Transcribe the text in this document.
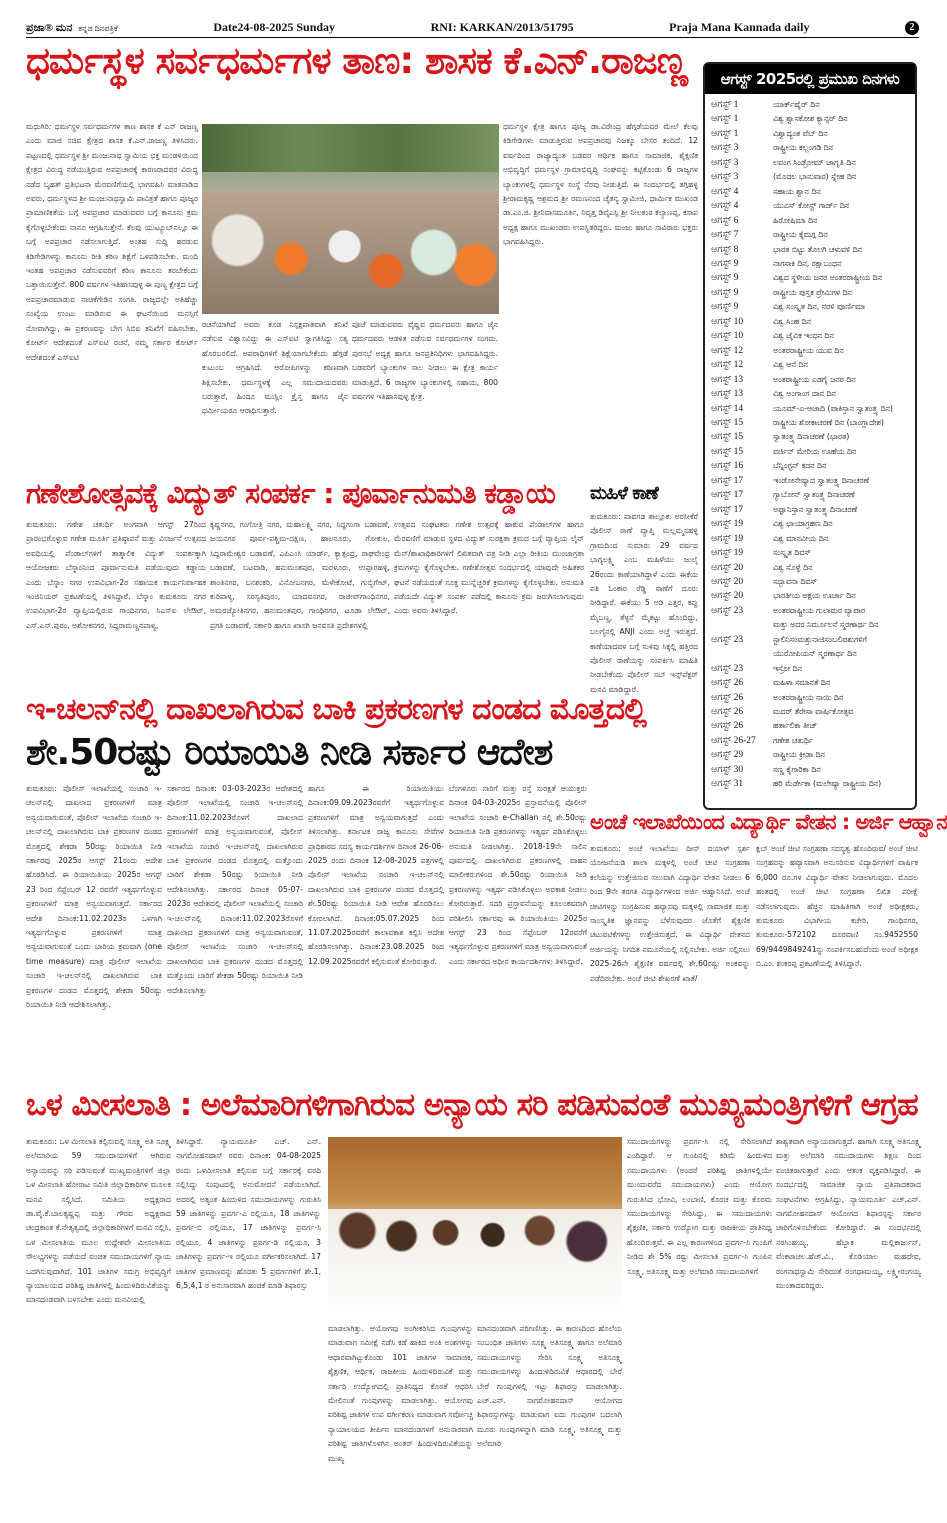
ಪ್ರಜಾ® ಮನ ಕನ್ನಡ ದಿನಪತ್ರಿಕೆ	Date24-08-2025 Sunday	RNI: KARKAN/2013/51795	Praja Mana Kannada daily	2
ಧರ್ಮಸ್ಥಳ ಸರ್ವಧರ್ಮಗಳ ತಾಣ: ಶಾಸಕ ಕೆ.ಎನ್.ರಾಜಣ್ಣ
ಮಧುಗಿರಿ: ಧರ್ಮಸ್ಥಳ ಸರ್ವಧರ್ಮಗಳ ತಾಣ ಶಾಸಕ ಕೆ ಎನ್ ರಾಜಣ್ಣ ಎಂದು ಮಾಜಿ ಸಚಿವ ಕ್ಷೇತ್ರದ ಶಾಸಕ ಕೆ.ಎನ್.ರಾಜಣ್ಣ ತಿಳಿಸಿದರು. ಪಟ್ಟಣದಲ್ಲಿ ಧರ್ಮಸ್ಥಳ ಶ್ರೀ ಮಂಜುನಾಥ ಸ್ವಾಮಿಯ ಭಕ್ತ ಮಂಡಳಿಯಿಂದ ಕ್ಷೇತ್ರದ ವಿರುದ್ಧ ನಡೆಯುತ್ತಿರುವ ಅಪಪ್ರಚಾರಕ್ಕೆ ಕಾರಣರಾದವರ ವಿರುದ್ಧ ನಡೆದ ಬೃಹತ್ ಪ್ರತಿಭಟನಾ ಮೆರವಣಿಗೆಯಲ್ಲಿ ಭಾಗವಹಿಸಿ ಮಾತನಾಡಿದ ಅವರು, ಧರ್ಮಸ್ಥಳದ ಶ್ರೀ ಮಂಜುನಾಥಸ್ವಾಮಿ ಪಾವಿತ್ರತೆ ಹಾಗೂ ಪೂಜ್ಯರ ಪ್ರಾಮಾಣಿಕತೆಯ ಬಗ್ಗೆ ಅಪಪ್ರಚಾರ ಮಾಡುವವರ ಬಗ್ಗೆ ಕಾನೂನು ಕ್ರಮ ಕೈಗೊಳ್ಳಬೇಕೆಂದು ನಾನೂ ಆಗ್ರಹಿಸುತ್ತೇನೆ. ಕೆಲವು ಯುಟ್ಯೂಬ್‌ನಲ್ಲೂ ಈ ಬಗ್ಗೆ ಅಪಪ್ರಚಾರ ನಡೆಸಲಾಗುತ್ತಿದೆ. ಅಂತಹ ಸುದ್ದಿ ಹರಡುವ ಕಿಡಿಗೇಡಿಗಳನ್ನು ಕಾನೂನು ರೀತಿ ಕಠಿಣ ಶಿಕ್ಷೆಗೆ ಒಳಪಡಿಸಬೇಕು. ಮಂದಿ ಇಂತಹ ಅಪಪ್ರಚಾರ ನಡೆಸುವವರಿಗೆ ಕಠಿಣ ಕಾನೂನು ತರಬೇಕೆಂದು ಒತ್ತಾಯಿಸುತ್ತೇನೆ. 800 ವರ್ಷಗಳ ಇತಿಹಾಸವುಳ್ಳ ಈ ಪುಣ್ಯ ಕ್ಷೇತ್ರದ ಬಗ್ಗೆ ಅಪಪ್ರಚಾರಮಾಡುವ ನಾಚಿಕೆಗೇಡಿನ ಸಂಗತಿ. ರಾಜ್ಯದಲ್ಲೇ ಅತಿಹೆಚ್ಚು ಸಂಖ್ಯೆಯ ಉಂಟು ಮಾಡಿರುವ ಈ ಘಟನೆಯಿಂದ ಮನಸ್ಸಿಗೆ ನೋವಾಗಿದ್ದು, ಈ ಪ್ರಕರಣವನ್ನು ಬೇಗ ಸಿಬಿಐ ತನಿಖೆಗೆ ವಹಿಸಬೇಕು. ಕೋರ್ಟ್ ಆದೇಶದಂತೆ ಎಸ್‌ಐಟಿ ರಚನೆ, ನಮ್ಮ ಸರ್ಕಾರ ಕೋರ್ಟ್ ಆದೇಶದಂತೆ ಎಸ್‌ಐಟಿ
ರಚನೆಯಾಗಿದೆ ಅವರು ಕೂಡ ನಿಸ್ಪಕ್ಷಪಾತವಾಗಿ ತನಿಖೆ ನಡೆಸುವ ವಿಶ್ವಾಸವಿದ್ದು ಈ ಎಸ್‌ಐಟಿ ಸ್ವಾಗತಿಸಿದ್ದು ಸತ್ಯ ಹೊರಬರಲಿದೆ. ಅಪರಾಧಿಗಳಿಗೆ ಶಿಕ್ಷೆಯಾಗಬೇಕೆಂದು ಹೆಗ್ಗಡೆ ಕುಟುಂಬ ಆಗ್ರಹಿಸಿದೆ. ಆರೋಪಿಗಳನ್ನು ಕಠಿಣವಾಗಿ ಶಿಕ್ಷಿಸಬೇಕು. ಧರ್ಮಸ್ಥಳಕ್ಕೆ ಎಲ್ಲ ಸಮುದಾಯದವರು ಬರುತ್ತಾರೆ, ಹಿಂದೂ ಮುಸ್ಲಿಂ ಕ್ರೈಸ್ತ ಹಾಗೂ ಜೈನ ಧರ್ಮೀಯರೂ ಆರಾಧಿಸುತ್ತಾರೆ.
ಪೂಜೆ ಮಾಡುವವರು ವೈಷ್ಣವ ಧರ್ಮದವರು ಹಾಗೂ ಜೈನ ಧರ್ಮದವರು ಆಡಳಿತ ನಡೆಸುವ ಸರ್ವಧರ್ಮಗಳ ಸಂಗಮ. ಪುರಸಭೆ ಅಧ್ಯಕ್ಷ ಹಾಗೂ ಜನಪ್ರತಿನಿಧಿಗಳು ಭಾಗವಹಿಸಿದ್ದರು. ಬಡವರಿಗೆ ಬ್ಯಾಂಕುಗಳ ಸಾಲ ನೀಡಲು ಈ ಕ್ಷೇತ್ರ ಕಾರ್ಯ ಮಾಡುತ್ತಿದೆ. 6 ರಾಜ್ಯಗಳ ಬ್ಯಾಂಕುಗಳಲ್ಲಿ ಸಹಾಯ, 800 ವರ್ಷಗಳ ಇತಿಹಾಸವುಳ್ಳ ಕ್ಷೇತ್ರ.
ಧರ್ಮಸ್ಥಳ ಕ್ಷೇತ್ರ ಹಾಗೂ ಪೂಜ್ಯ ಡಾ.ವಿರೇಂದ್ರ ಹೆಗ್ಗಡೆಯವರ ಮೇಲೆ ಕೆಲವು ಕಿಡಿಗೇಡಿಗಳು ಮಾಡುತ್ತಿರುವ ಅಪಪ್ರಚಾರವು ನಿಜಕ್ಕೂ ಬೇಸರ ತಂದಿದೆ. 12 ವರ್ಷದಿಂದ ರಾಜ್ಯಾದ್ಯಂತ ಬಡವರ ಆರ್ಥಿಕ ಹಾಗೂ ಸಾಮಾಜಿಕ, ಶೈಕ್ಷಣಿಕ ಅಭಿವೃದ್ಧಿಗೆ ಧರ್ಮಸ್ಥಳ ಗ್ರಾಮಾಭಿವೃದ್ಧಿ ಸಂಘವನ್ನು ಕಟ್ಟಿಕೊಂಡು 6 ರಾಜ್ಯಗಳ ಬ್ಯಾಂಕುಗಳಲ್ಲಿ ಧರ್ಮಸ್ಥಳ ಸಂಸ್ಥೆ ನೆರವು ನೀಡುತ್ತಿದೆ. ಈ ಸಂದರ್ಭದಲ್ಲಿ ತಗ್ಗಿಹಳ್ಳಿ ಶ್ರೀರಾಮಕೃಷ್ಣ ಆಶ್ರಮದ ಶ್ರೀ ರಮಣನಂದ ಚೈತನ್ಯ ಸ್ವಾಮೀಜಿ, ಧಾರ್ಮಿಕ ಮುಖಂಡ ಡಾ.ಎಂ.ಜಿ. ಶ್ರೀನಿವಾಸಮೂರ್ತಿ, ನಿವೃತ್ತ ಡಿವೈಎಸ್ಪಿ ಶ್ರೀ ನೀಲಕಂಠ ಕಲ್ಯಾಣಪ್ಪ, ಕಸಾಪ ಅಧ್ಯಕ್ಷ ಹಾಗೂ ಮುಖಂಡರು ಉಪಸ್ಥಿತರಿದ್ದರು. ಮಂಜು ಹಾಗೂ ಸಾವಿರಾರು ಭಕ್ತರು ಭಾಗವಹಿಸಿದ್ದರು.
ಆಗಸ್ಟ್ 2025ರಲ್ಲಿ ಪ್ರಮುಖ ದಿನಗಳು
ಆಗಸ್ಟ್ 1	ಯಾರ್ಕ್‌ಷೈರ್ ದಿನ
ಆಗಸ್ಟ್ 1	ವಿಶ್ವ ಶ್ವಾಸಕೋಶ ಕ್ಯಾನ್ಸರ್ ದಿನ
ಆಗಸ್ಟ್ 1	ವಿಶ್ವಾದ್ಯಂತ ವೆಬ್ ದಿನ
ಆಗಸ್ಟ್ 3	ರಾಷ್ಟ್ರೀಯ ಕಲ್ಲಂಗಡಿ ದಿನ
ಆಗಸ್ಟ್ 3	ಲವಂಗ ಸಿಂಡ್ರೋಮ್ ಜಾಗೃತಿ ದಿನ
ಆಗಸ್ಟ್ 3	(ಮೊದಲ ಭಾನುವಾರ) ಸ್ನೇಹ ದಿನ
ಆಗಸ್ಟ್ 4	ಸಹಾಯ ಶ್ವಾನ ದಿನ
ಆಗಸ್ಟ್ 4	ಯುಎಸ್ ಕೋಸ್ಟ್ ಗಾರ್ಡ್ ದಿನ
ಆಗಸ್ಟ್ 6	ಹಿರೋಷಿಮಾ ದಿನ
ಆಗಸ್ಟ್ 7	ರಾಷ್ಟ್ರೀಯ ಕೈಮಗ್ಗ ದಿನ
ಆಗಸ್ಟ್ 8	ಭಾರತ ಬಿಟ್ಟು ತೊಲಗಿ ಚಳುವಳಿ ದಿನ
ಆಗಸ್ಟ್ 9	ನಾಗಸಾಕಿ ದಿನ, ರಕ್ಷಾಬಂಧನ
ಆಗಸ್ಟ್ 9	ವಿಶ್ವದ ಸ್ಥಳೀಯ ಜನರ ಅಂತರರಾಷ್ಟ್ರೀಯ ದಿನ
ಆಗಸ್ಟ್ 9	ರಾಷ್ಟ್ರೀಯ ಪುಸ್ತಕ ಪ್ರೇಮಿಗಳ ದಿನ
ಆಗಸ್ಟ್ 9	ವಿಶ್ವ ಸಂಸ್ಕೃತ ದಿನ, ನರಳಿ ಪೂರ್ಣಿಮಾ
ಆಗಸ್ಟ್ 10	ವಿಶ್ವ ಸಿಂಹ ದಿನ
ಆಗಸ್ಟ್ 10	ವಿಶ್ವ ಜೈವಿಕ ಇಂಧನ ದಿನ
ಆಗಸ್ಟ್ 12	ಅಂತರರಾಷ್ಟ್ರೀಯ ಯುವ ದಿನ
ಆಗಸ್ಟ್ 12	ವಿಶ್ವ ಆನೆ ದಿನ
ಆಗಸ್ಟ್ 13	ಅಂತರಾಷ್ಟ್ರೀಯ ಎಡಗೈ ಜನರ ದಿನ
ಆಗಸ್ಟ್ 13	ವಿಶ್ವ ಅಂಗಾಂಗ ದಾನ ದಿನ
ಆಗಸ್ಟ್ 14	ಯೂಮ್-ಎ-ಆಜಾದಿ (ಪಾಕಿಸ್ತಾನ ಸ್ವಾತಂತ್ರ್ಯ ದಿನ)
ಆಗಸ್ಟ್ 15	ರಾಷ್ಟ್ರೀಯ ಶೋಕಾಚರಣೆ ದಿನ (ಬಾಂಗ್ಲಾದೇಶ)
ಆಗಸ್ಟ್ 15	ಸ್ವಾತಂತ್ರ್ಯ ದಿನಾಚರಣೆ (ಭಾರತ)
ಆಗಸ್ಟ್ 15	ವರ್ಜಿನ್ ಮೇರಿಯ ಊಹೆಯ ದಿನ
ಆಗಸ್ಟ್ 16	ಬೆನ್ನಿಂಗ್ಟನ್ ಕದನ ದಿನ
ಆಗಸ್ಟ್ 17	ಇಂಡೋನೇಷ್ಯಾದ ಸ್ವಾತಂತ್ರ್ಯ ದಿನಾಚರಣೆ
ಆಗಸ್ಟ್ 17	ಗ್ಯಾಬೋನ್ ಸ್ವಾತಂತ್ರ್ಯ ದಿನಾಚರಣೆ
ಆಗಸ್ಟ್ 17	ಅಫ್ಘಾನಿಸ್ತಾನ ಸ್ವಾತಂತ್ರ್ಯ ದಿನಾಚರಣೆ
ಆಗಸ್ಟ್ 19	ವಿಶ್ವ ಛಾಯಾಗ್ರಹಣ ದಿನ
ಆಗಸ್ಟ್ 19	ವಿಶ್ವ ಮಾನವೀಯ ದಿನ
ಆಗಸ್ಟ್ 19	ಸಂಸ್ಕೃತ ದಿವಸ್
ಆಗಸ್ಟ್ 20	ವಿಶ್ವ ಸೊಳ್ಳೆ ದಿನ
ಆಗಸ್ಟ್ 20	ಸದ್ಭಾವನಾ ದಿವಸ್
ಆಗಸ್ಟ್ 20	ಭಾರತೀಯ ಅಕ್ಷಯ ಊರ್ಜಾ ದಿನ
ಆಗಸ್ಟ್ 23	ಅಂತರರಾಷ್ಟ್ರೀಯ ಗುಲಾಮರ ವ್ಯಾಪಾರ
ಮತ್ತು ಅದರ ನಿರ್ಮೂಲನೆ ಸ್ಮರಣಾರ್ಥ ದಿನ
ಆಗಸ್ಟ್ 23	ಸ್ಟಾಲಿನಿಸಂಮತ್ತುನಾಜಿಸಂಬಲಿಪಶುಗಳಿಗೆ
ಯುರೋಪಿಯನ್ ಸ್ಮರಣಾರ್ಥ ದಿನ
ಆಗಸ್ಟ್ 23	ಇಸ್ರೋ ದಿನ
ಆಗಸ್ಟ್ 26	ಮಹಿಳಾ ಸಮಾನತೆ ದಿನ
ಆಗಸ್ಟ್ 26	ಅಂತರರಾಷ್ಟ್ರೀಯ ನಾಯಿ ದಿನ
ಆಗಸ್ಟ್ 26	ಮದರ್ ತೆರೇಸಾ ವಾರ್ಷಿಕೋತ್ಸವ
ಆಗಸ್ಟ್ 26	ಹರ್ತಾಲಿಕಾ ತೀಜ್
ಆಗಸ್ಟ್ 26-27	ಗಣೇಶ ಚತುರ್ಥಿ
ಆಗಸ್ಟ್ 29	ರಾಷ್ಟ್ರೀಯ ಕ್ರೀಡಾ ದಿನ
ಆಗಸ್ಟ್ 30	ಸಣ್ಣ ಕೈಗಾರಿಕಾ ದಿನ
ಆಗಸ್ಟ್ 31	ಹರಿ ಮೆರ್ಡೇಕಾ (ಮಲೇಷ್ಯಾ ರಾಷ್ಟ್ರೀಯ ದಿನ)
ಗಣೇಶೋತ್ಸವಕ್ಕೆ ವಿದ್ಯುತ್ ಸಂಪರ್ಕ : ಪೂರ್ವಾನುಮತಿ ಕಡ್ಡಾಯ
ತುಮಕೂರು: ಗಣೇಶ ಚತುರ್ಥಿ ಅಂಗವಾಗಿ ಆಗಸ್ಟ್ 27ರಿಂದ ಪ್ರಾರಂಭಗೊಳ್ಳುವ ಗಣೇಶ ಮೂರ್ತಿ ಪ್ರತಿಷ್ಠಾಪನೆ ಮತ್ತು ವಿಸರ್ಜನೆ ಉತ್ಸವದ ಅವಧಿಯಲ್ಲಿ ಪೆಂಡಾಲ್‌ಗಳಿಗೆ ತಾತ್ಕಾಲಿಕ ವಿದ್ಯುತ್ ಸಂಪರ್ಕಕ್ಕಾಗಿ ಆಯೋಜಕರು ಬೆಸ್ಕಾಂನಿಂದ ಪೂರ್ವಾನುಮತಿ ಪಡೆಯುವುದು ಕಡ್ಡಾಯ ಎಂದು ಬೆಸ್ಕಾಂ ನಗರ ಉಪವಿಭಾಗ-2ರ ಸಹಾಯಕ ಕಾರ್ಯನಿರ್ವಾಹಕ ಇಂಜಿನಿಯರ್ ಪ್ರಕಟಣೆಯಲ್ಲಿ ತಿಳಿಸಿದ್ದಾರೆ. ಬೆಸ್ಕಾಂ ತುಮಕೂರು ನಗರ ಉಪವಿಭಾಗ-2ರ ವ್ಯಾಪ್ತಿಯಲ್ಲಿರುವ ಗಾಂಧಿನಗರ, ಸಿಎಸ್‌ಐ ಲೇಔಟ್, ಎಸ್.ಎಸ್.ಪುರಂ, ಅಶೋಕನಗರ, ಸಿದ್ದರಾಮಣ್ಣನಪಾಳ್ಯ,
ಕೃಷ್ಣನಗರ, ಗಂಗೋತ್ರಿ ನಗರ, ಮಹಾಲಕ್ಷ್ಮಿ ನಗರ, ಸಿದ್ದಗಂಗಾ ಬಡಾವಣೆ, ಜಯನಗರ ಪೂರ್ವ-ಪಶ್ಚಿಮ-ದಕ್ಷಿಣ, ಹಾಲನೂರು, ಗೋಕುಲ, ಸಿದ್ದರಾಮೇಶ್ವರ ಬಡಾವಣೆ, ಎಪಿಎಂಸಿ ಯಾರ್ಡ್, ಕ್ಯಾತ್ಸಂದ್ರ, ರಾಘವೇಂದ್ರ ಬಡಾವಣೆ, ಬಟವಾಡಿ, ಹನುಮಂತಪುರ, ಮರಳೂರು, ಉಪ್ಪಾರಹಳ್ಳಿ, ಶಾಂತಿನಗರ, ಬನಶಂಕರಿ, ವಿನೋಬನಗರ, ಮೆಳೇಕೋಟೆ, ಗುಬ್ಬಿಗೇಟ್, ಕುರಿಪಾಳ್ಯ, ಸರಸ್ವತಿಪುರಂ, ಯಾದವನಗರ, ರಾಜೀವ್‌ಗಾಂಧಿನಗರ, ಅಮರಜ್ಯೋತಿನಗರ, ಹನುಮಂತಪುರ, ಗಾಂಧಿನಗರ, ಟೂಡಾ ಲೇಔಟ್, ಪ್ರಗತಿ ಬಡಾವಣೆ, ಸರ್ಕಾರಿ ಹಾಗೂ ಖಾಸಗಿ ಜನವಸತಿ ಪ್ರದೇಶಗಳಲ್ಲಿ
ಉತ್ಸವದ ಸಂಘಟಕರು ಗಣೇಶ ಉತ್ಸವಕ್ಕೆ ಹಾಕುವ ಪೆಂಡಾಲ್‌ಗಳ ಹಾಗೂ ಮೆರವಣಿಗೆ ಮಾಡುವ ಸ್ಥಳದ ವಿದ್ಯುತ್ ಸುರಕ್ಷತಾ ಕ್ರಮದ ಬಗ್ಗೆ ವ್ಯಾಪ್ತಿಯ ಲೈನ್ ಮೆನ್/ಶಾಖಾಧಿಕಾರಿಗಳಿಗೆ ಲಿಖಿತವಾಗಿ ಪತ್ರ ನೀಡಿ ಎಲ್ಲಾ ರೀತಿಯ ಮುಂಜಾಗ್ರತಾ ಕ್ರಮಗಳನ್ನು ಕೈಗೊಳ್ಳಬೇಕು. ಗಣೇಶೋತ್ಸವ ಸಂದರ್ಭದಲ್ಲಿ ಯಾವುದೇ ಅಹಿತಕರ ಘಟನೆ ನಡೆಯದಂತೆ ಸೂಕ್ತ ಮುನ್ನೆಚ್ಚರಿಕೆ ಕ್ರಮಗಳನ್ನು ಕೈಗೊಳ್ಳಬೇಕು. ಅನುಮತಿ ಪಡೆಯದೇ ವಿದ್ಯುತ್ ಸಂಪರ್ಕ ಪಡೆದಲ್ಲಿ ಕಾನೂನು ಕ್ರಮ ಜರುಗಿಸಲಾಗುವುದು ಎಂದು ಅವರು ತಿಳಿಸಿದ್ದಾರೆ.
ಮಹಿಳೆ ಕಾಣೆ
ತುಮಕೂರು: ಪಾವಗಡ ತಾಲ್ಲೂಕು ಅರಸೀಕೆರೆ ಪೊಲೀಸ್ ಠಾಣೆ ವ್ಯಾಪ್ತಿ ಮಲ್ಲಮ್ಮನಹಳ್ಳಿ ಗ್ರಾಮದಿಂದ ಸುಮಾರು 29 ವರ್ಷದ ಭಾಗ್ಯಲಕ್ಷ್ಮಿ ಎಂಬ ಮಹಿಳೆಯು ಜುಲೈ 26ರಂದು ಕಾಣೆಯಾಗಿದ್ದಾಳೆ ಎಂದು ಈಕೆಯ ಪತಿ ಓಂಕಾರ ರೆಡ್ಡಿ ಠಾಣೆಗೆ ದೂರು ನೀಡಿದ್ದಾರೆ. ಈಕೆಯು 5 ಅಡಿ ಎತ್ತರ, ಕಪ್ಪು ಮೈಬಣ್ಣ, ತೆಳ್ಳನೆ ಮೈಕಟ್ಟು ಹೊಂದಿದ್ದು, ಬಲಗೈನಲ್ಲಿ ANJI ಎಂದು ಅಚ್ಚೆ ಇರುತ್ತದೆ. ಕಾಣೆಯಾದವಳ ಬಗ್ಗೆ ಸುಳಿವು ಸಿಕ್ಕಲ್ಲಿ ಹತ್ತಿರದ ಪೊಲೀಸ್ ಠಾಣೆಯನ್ನು ಸಂಪರ್ಕಿಸಿ ಮಾಹಿತಿ ನೀಡಬೇಕೆಂದು ಪೊಲೀಸ್ ಸಬ್ ಇನ್ಸ್‌ಪೆಕ್ಟರ್ ಮನವಿ ಮಾಡಿದ್ದಾರೆ.
ಇ-ಚಲನ್‌ನಲ್ಲಿ ದಾಖಲಾಗಿರುವ ಬಾಕಿ ಪ್ರಕರಣಗಳ ದಂಡದ ಮೊತ್ತದಲ್ಲಿ
ಶೇ.50ರಷ್ಟು ರಿಯಾಯಿತಿ ನೀಡಿ ಸರ್ಕಾರ ಆದೇಶ
ತುಮಕೂರು: ಪೊಲೀಸ್ ಇಲಾಖೆಯಲ್ಲಿ ಸಂಚಾರಿ ಇ-ಚಲನ್‌ನಲ್ಲಿ ದಾಖಲಾದ ಪ್ರಕರಣಗಳಿಗೆ ಮಾತ್ರ ಅನ್ವಯವಾಗುವಂತೆ, ಪೊಲೀಸ್ ಇಲಾಖೆಯ ಸಂಚಾರಿ ಇ-ಚಲನ್‌ನಲ್ಲಿ ದಾಖಲಾಗಿರುವ ಬಾಕಿ ಪ್ರಕರಣಗಳ ದಂಡದ ಮೊತ್ತದಲ್ಲಿ ಶೇಕಡಾ 50ರಷ್ಟು ರಿಯಾಯಿತಿ ನೀಡಿ ಸರ್ಕಾರವು 2025ರ ಆಗಸ್ಟ್ 21ರಂದು ಆದೇಶ ಹೊರಡಿಸಿದೆ. ಈ ರಿಯಾಯಿತಿಯು 2025ರ ಆಗಸ್ಟ್ 23 ರಿಂದ ಸೆಪ್ಟೆಂಬರ್ 12 ರವರೆಗೆ ಇತ್ಯರ್ಥಗೊಳ್ಳುವ ಪ್ರಕರಣಗಳಿಗೆ ಮಾತ್ರ ಅನ್ವಯವಾಗುತ್ತದೆ. ಸರ್ಕಾರದ ಆದೇಶ ದಿನಾಂಕ:11.02.2023ರ ಒಳಗಾಗಿ ಇತ್ಯರ್ಥಗೊಳ್ಳುವ ಪ್ರಕರಣಗಳಿಗೆ ಮಾತ್ರ ಅನ್ವಯವಾಗುವಂತೆ ಒಂದು ಬಾರಿಯ ಕ್ರಮವಾಗಿ (one time measure) ಮಾತ್ರ ಪೊಲೀಸ್ ಇಲಾಖೆಯ ಸಂಚಾರಿ ಇ-ಚಲನ್‌ನಲ್ಲಿ ದಾಖಲಾಗಿರುವ ಬಾಕಿ ಪ್ರಕರಣಗಳ ದಂಡದ ಮೊತ್ತದಲ್ಲಿ ಶೇಕಡಾ 50ರಷ್ಟು ರಿಯಾಯಿತಿ ನೀಡಿ ಆದೇಶಿಸಲಾಗಿತ್ತು.
ಸರ್ಕಾರದ ದಿನಾಂಕ: 03-03-2023ರ ಆದೇಶದಲ್ಲಿ ಪೊಲೀಸ್ ಇಲಾಖೆಯಲ್ಲಿ ಸಂಚಾರಿ ಇ-ಚಲನ್‌ನಲ್ಲಿ ದಿನಾಂಕ:11.02.2023ರೊಳಗೆ ದಾಖಲಾದ ಪ್ರಕರಣಗಳಿಗೆ ಮಾತ್ರ ಅನ್ವಯವಾಗುವಂತೆ, ಪೊಲೀಸ್ ಇಲಾಖೆಯ ಸಂಚಾರಿ ಇ-ಚಲನ್‌ನಲ್ಲಿ ದಾಖಲಾಗಿರುವ ಬಾಕಿ ಪ್ರಕರಣಗಳ ದಂಡದ ಮೊತ್ತದಲ್ಲಿ ಮತ್ತೊಂದು ಬಾರಿಗೆ ಶೇಕಡಾ 50ರಷ್ಟು ರಿಯಾಯಿತಿ ನೀಡಿ ಆದೇಶಿಸಲಾಗಿತ್ತು. ಸರ್ಕಾರದ ದಿನಾಂಕ 05-07-2023ರ ಆದೇಶದಲ್ಲಿ ಪೊಲೀಸ್ ಇಲಾಖೆಯಲ್ಲಿ ಸಂಚಾರಿ ಇ-ಚಲನ್‌ನಲ್ಲಿ ದಿನಾಂಕ:11.02.2023ರೊಳಗೆ ದಾಖಲಾದ ಪ್ರಕರಣಗಳಿಗೆ ಮಾತ್ರ ಅನ್ವಯವಾಗುವಂತೆ, ಪೊಲೀಸ್ ಇಲಾಖೆಯ ಸಂಚಾರಿ ಇ-ಚಲನ್‌ನಲ್ಲಿ ದಾಖಲಾಗಿರುವ ಬಾಕಿ ಪ್ರಕರಣಗಳ ದಂಡದ ಮೊತ್ತದಲ್ಲಿ ಮತ್ತೊಂದು ಬಾರಿಗೆ ಶೇಕಡಾ 50ರಷ್ಟು ರಿಯಾಯಿತಿ ನೀಡಿ ಆದೇಶಿಸಲಾಗಿತ್ತು
ಹಾಗೂ ಈ ರಿಯಾಯಿತಿಯು ದಿನಾಂಕ:09.09.2023ರವರೆಗೆ ಇತ್ಯರ್ಥಗೊಳ್ಳುವ ಪ್ರಕರಣಗಳಿಗೆ ಮಾತ್ರ ಅನ್ವಯವಾಗುತ್ತದೆ ಎಂದು ತಿಳಿಸಲಾಗಿತ್ತು. ಕರ್ನಾಟಕ ರಾಜ್ಯ ಕಾನೂನು ಸೇವೆಗಳ ಪ್ರಾಧಿಕಾರದ ಸದಸ್ಯ ಕಾರ್ಯದರ್ಶಿಗಳ ದಿನಾಂಕ 26-06-2025 ರಂದು ದಿನಾಂಕ 12-08-2025 ಪತ್ರಗಳಲ್ಲಿ ಪೊಲೀಸ್ ಇಲಾಖೆಯ ಸಂಚಾರಿ ಇ-ಚಲನ್‌ನಲ್ಲಿ ದಾಖಲಾಗಿರುವ ಬಾಕಿ ಪ್ರಕರಣಗಳ ದಂಡದ ಮೊತ್ತದಲ್ಲಿ ಶೇ.50ರಷ್ಟು ರಿಯಾಯಿತಿ ನೀಡಿ ಆದೇಶ ಹೊರಡಿಸಲು ಕೋರಲಾಗಿದೆ. ದಿನಾಂಕ:05.07.2025 ರಿಂದ 11.07.2025ರವರೆಗೆ ಕಾಲಾವಕಾಶ ಕಲ್ಪಿಸಿ ಆದೇಶ ಹೊರಡಿಸಲಾಗಿತ್ತು. ದಿನಾಂಕ:23.08.2025 ರಿಂದ 12.09.2025ರವರೆಗೆ ಕಲ್ಪಿಸುವಂತೆ ಕೋರಿರುತ್ತಾರೆ.
ಬೆಂಗಳೂರು ಸಾರಿಗೆ ಮತ್ತು ರಸ್ತೆ ಸುರಕ್ಷತೆ ಆಯುಕ್ತರು ದಿನಾಂಕ 04-03-2025ರ ಪ್ರಸ್ತಾವನೆಯಲ್ಲಿ ಪೊಲೀಸ್ ಇಲಾಖೆಯ ಸಂಚಾರಿ e-Challan ನಲ್ಲಿ ಶೇ.50ರಷ್ಟು ರಿಯಾಯಿತಿ ನೀಡಿ ಪ್ರಕರಣಗಳನ್ನು ಇತ್ಯರ್ಥ ಪಡಿಸಿಕೊಳ್ಳಲು ಅನುಮತಿ ನೀಡಲಾಗಿತ್ತು. 2018-19ನೇ ಸಾಲಿನ ಪೂರ್ವದಲ್ಲಿ ದಾಖಲಾಗಿರುವ ಪ್ರಕರಣಗಳಲ್ಲಿ ವಾಹನ ಮಾಲೀಕರುಗಳಿಂದ ಶೇ.50ರಷ್ಟು ರಿಯಾಯಿತಿ ನೀಡಿ ಪ್ರಕರಣಗಳನ್ನು ಇತ್ಯರ್ಥ ಪಡಿಸಿಕೊಳ್ಳಲು ಅವಕಾಶ ನೀಡಲು ಕೋರಿರುತ್ತಾರೆ. ಸದರಿ ಪ್ರಸ್ತಾವನೆಯನ್ನು ಕೂಲಂಕಷವಾಗಿ ಪರಿಶೀಲಿಸಿ ಸರ್ಕಾರವು ಈ ರಿಯಾಯಿತಿಯು 2025ರ ಆಗಸ್ಟ್ 23 ರಿಂದ ಸೆಪ್ಟೆಂಬರ್ 12ರವರೆಗೆ ಇತ್ಯರ್ಥಗೊಳ್ಳುವ ಪ್ರಕರಣಗಳಿಗೆ ಮಾತ್ರ ಅನ್ವಯವಾಗುವಂತೆ ಎಂದು ಸರ್ಕಾರದ ಅಧೀನ ಕಾರ್ಯದರ್ಶಿಗಳು ತಿಳಿಸಿದ್ದಾರೆ.
ಅಂಚೆ ಇಲಾಖೆಯಿಂದ ವಿದ್ಯಾರ್ಥಿ ವೇತನ : ಅರ್ಜಿ ಆಹ್ವಾನ
ತುಮಕೂರು: ಅಂಚೆ ಇಲಾಖೆಯು ದೀನ್ ದಯಾಳ್ ಸ್ಪರ್ಶ ಯೋಜನೆಯಡಿ ಶಾಲಾ ಮಕ್ಕಳಲ್ಲಿ ಅಂಚೆ ಚೀಟಿ ಸಂಗ್ರಹಣಾ ಕಲೆಯನ್ನು ಉತ್ತೇಜಿಸುವ ಸಲುವಾಗಿ ವಿದ್ಯಾರ್ಥಿ ವೇತನ ನೀಡಲು 6 ರಿಂದ 9ನೇ ತರಗತಿ ವಿದ್ಯಾರ್ಥಿಗಳಿಂದ ಅರ್ಜಿ ಆಹ್ವಾನಿಸಿದೆ. ಅಂಚೆ ಚೀಟಿಗಳನ್ನು ಸಂಗ್ರಹಿಸುವ ಹವ್ಯಾಸವು ಮಕ್ಕಳಲ್ಲಿ ಸಾಮಾಜಿಕ ಮತ್ತು ಸಾಂಸ್ಕೃತಿಕ ಜ್ಞಾನವನ್ನು ಬೆಳೆಸುವುದರ ಜೊತೆಗೆ ಶೈಕ್ಷಣಿಕ ಚಟುವಟಿಕೆಗಳನ್ನು ಉತ್ತೇಜಿಸುತ್ತದೆ. ಈ ವಿದ್ಯಾರ್ಥಿ ವೇತನದ ಅರ್ಜಿಯನ್ನು ನಿಗದಿತ ನಮೂನೆಯಲ್ಲಿ ಸಲ್ಲಿಸಬೇಕು. ಅರ್ಜಿ ಸಲ್ಲಿಸಲು 2025-26ನೇ ಶೈಕ್ಷಣಿಕ ವರ್ಷದಲ್ಲಿ ಶೇ.60ರಷ್ಟು ಅಂಕವನ್ನು ಪಡೆದಿರಬೇಕು. ಅಂಚೆ ಚೀಟಿ ಶೇಖರಣೆ ಖಾತೆ/
ಕ್ಲಬ್ ಅಂಚೆ ಚೀಟಿ ಸಂಗ್ರಹಣಾ ಸದಸ್ಯತ್ವ ಹೊಂದಿರುವ/ ಅಂಚೆ ಚೀಟಿ ಸಂಗ್ರಹವನ್ನು ಹವ್ಯಾಸವಾಗಿ ಅನುಸರಿಸುವ ವಿದ್ಯಾರ್ಥಿಗಳಿಗೆ ವಾರ್ಷಿಕ 6,000 ರೂ.ಗಳ ವಿದ್ಯಾರ್ಥಿ ವೇತನ ನೀಡಲಾಗುವುದು. ಮೊದಲ ಹಂತದಲ್ಲಿ ಅಂಚೆ ಚೀಟಿ ಸಂಗ್ರಹಣಾ ಲಿಖಿತ ಪರೀಕ್ಷೆ ನಡೆಸಲಾಗುವುದು. ಹೆಚ್ಚಿನ ಮಾಹಿತಿಗಾಗಿ ಅಂಚೆ ಅಧೀಕ್ಷಕರು, ತುಮಕೂರು ವಿಭಾಗೀಯ ಕಚೇರಿ, ಗಾಂಧಿನಗರ, ತುಮಕೂರು-572102 ದೂರವಾಣಿ ಸಂ.9452550 69/9449849241ನ್ನು ಸಂಪರ್ಕಿಸಬಹುದೆಂದು ಅಂಚೆ ಅಧೀಕ್ಷಕ ಬಿ.ಎಂ. ಶಂಕರಪ್ಪ ಪ್ರಕಟಣೆಯಲ್ಲಿ ತಿಳಿಸಿದ್ದಾರೆ.
ಒಳ ಮೀಸಲಾತಿ : ಅಲೆಮಾರಿಗಳಿಗಾಗಿರುವ ಅನ್ಯಾಯ ಸರಿ ಪಡಿಸುವಂತೆ ಮುಖ್ಯಮಂತ್ರಿಗಳಿಗೆ ಆಗ್ರಹ
ತುಮಕೂರು: ಒಳ ಮೀಸಲಾತಿ ಕಲ್ಪಿಸುವಲ್ಲಿ ಸೂಕ್ಷ್ಮ ಅತಿ ಸೂಕ್ಷ್ಮ ಅಲೆಮಾರಿಯ 59 ಸಮುದಾಯಗಳಿಗೆ ಆಗಿರುವ ಅನ್ಯಾಯವನ್ನು ಸರಿ ಪಡಿಸುವಂತೆ ಮುಖ್ಯಮಂತ್ರಿಗಳಿಗೆ ಜಿಲ್ಲಾ ಒಳ ಮೀಸಲಾತಿ ಹೋರಾಟ ಸಮಿತಿ ಜಿಲ್ಲಾಧಿಕಾರಿಗಳ ಮೂಲಕ ಮನವಿ ಸಲ್ಲಿಸಿದೆ. ಸಮಿತಿಯ ಅಧ್ಯಕ್ಷರಾದ ಡಾ.ವೈ.ಕೆ.ಬಾಲಕೃಷ್ಣಪ್ಪ ಮತ್ತು ಗೌರವ ಅಧ್ಯಕ್ಷರಾದ ಚಂದ್ರಕಾಂತ ಕೆ.ನೇತೃತ್ವದಲ್ಲಿ ಜಿಲ್ಲಾಧಿಕಾರಿಗಳಿಗೆ ಮನವಿ ಸಲ್ಲಿಸಿ, ಒಳ ಮೀಸಲಾತಿಯ ಮೂಲ ಉದ್ದೇಶವೇ ಮೀಸಲಾತಿಯ ಸೌಲಭ್ಯಗಳನ್ನು ಪಡೆಯದೆ ವಂಚಿತ ಸಮುದಾಯಗಳಿಗೆ ನ್ಯಾಯ ಒದಗಿಸುವುದಾಗಿದೆ. 101 ಜಾತಿಗಳ ಸಮಗ್ರ ಅಭಿವೃದ್ಧಿಗೆ ನ್ಯಾಯಾಲಯದ ಪರಿಶಿಷ್ಟ ಜಾತಿಗಳಲ್ಲಿ ಹಿಂದುಳಿದಿರುವಿಕೆಯನ್ನು ಮಾನದಂಡವಾಗಿ ಬಳಸಬೇಕು ಎಂದು ಮನವಿಯಲ್ಲಿ
ತಿಳಿಸಿದ್ದಾರೆ. ನ್ಯಾಯಮೂರ್ತಿ ಎಚ್. ಎನ್. ನಾಗಮೋಹನದಾಸ್ ರವರು ದಿನಾಂಕ: 04-08-2025 ರಂದು ಒಳಮೀಸಲಾತಿ ಕಲ್ಪಿಸುವ ಬಗ್ಗೆ ಸರ್ಕಾರಕ್ಕೆ ವರದಿ ಸಲ್ಲಿಸಿದ್ದು ಸಂಪುಟದಲ್ಲಿ ಅನುಮೋದನೆ ಪಡೆಯಲಾಗಿದೆ. ಅದರಲ್ಲಿ ಅತ್ಯಂತ ಹಿಂದುಳಿದ ಸಮುದಾಯಗಳನ್ನು ಗುರುತಿಸಿ 59 ಜಾತಿಗಳನ್ನು ಪ್ರವರ್ಗ-ಎ ರಲ್ಲಿಯೂ, 18 ಜಾತಿಗಳನ್ನು ಪ್ರವರ್ಗ-ಬಿ ರಲ್ಲಿಯೂ, 17 ಜಾತಿಗಳನ್ನು ಪ್ರವರ್ಗ-ಸಿ ರಲ್ಲಿಯೂ, 4 ಜಾತಿಗಳನ್ನು ಪ್ರವರ್ಗ-ಡಿ ರಲ್ಲಿಯೂ, 3 ಜಾತಿಗಳನ್ನು ಪ್ರವರ್ಗ-ಇ ರಲ್ಲಿಯೂ ವರ್ಗೀಕರಿಸಲಾಗಿದೆ. 17 ಜಾತಿಗಳ ಪ್ರಮಾಣವನ್ನು ಹೊರತು 5 ಪ್ರವರ್ಗಗಳಿಗೆ ಶೇ.1, 6,5,4,1 ರ ಅನುಸಾರವಾಗಿ ಹಂಚಿಕೆ ಮಾಡಿ ಶಿಫಾರಸ್ಸು
ಮಾಡಲಾಗಿತ್ತು. ಆಯೋಗವು ಅಂಗೀಕರಿಸಿದ ಗುಂಪುಗಳನ್ನು ಮಾಡುವಾಗ ಸಮೀಕ್ಷೆ ನಡೆಸಿ ಕಡೆ ಹಾಕಿದ ಅಂಕಿ ಅಂಶಗಳನ್ನು ಆಧಾರವಾಗಿಟ್ಟುಕೊಂಡು 101 ಜಾತಿಗಳ ಸಾಮಾಜಿಕ, ಶೈಕ್ಷಣಿಕ, ಆರ್ಥಿಕ, ರಾಜಕೀಯ ಹಿಂದುಳಿದಿರುವಿಕೆ ಮತ್ತು ಸರ್ಕಾರಿ ಉದ್ಯೋಗದಲ್ಲಿ ಪ್ರಾತಿನಿಧ್ಯದ ಕೊರತೆ ಆಧರಿಸಿ ಮೇಲಿನಂತೆ ಗುಂಪುಗಳನ್ನು ಮಾಡಲಾಗಿತ್ತು. ಆಯೋಗವು ಪರಿಶಿಷ್ಟ ಜಾತಿಗಳ ಉಪ ವರ್ಗೀಕರಣ ಮಾಡುವಾಗ ಸರ್ವೋಚ್ಚ ನ್ಯಾಯಾಲಯದ ತೀರ್ಪಿನ ಮಾನದಂಡಗಳಿಗೆ ಅನುಸಾರವಾಗಿ ಪರಿಶಿಷ್ಟ ಜಾತಿಗಳೊಳಗಿನ ಅಂತರ್ ಹಿಂದುಳಿದಿರುವಿಕೆಯನ್ನು ಮುಖ್ಯ
ಮಾನದಂಡವಾಗಿ ಪರಿಗಣಿಸಿತ್ತು. ಈ ಕಾರಣದಿಂದ ಹೊಲೆಯ ಸಂಬಂಧಿತ ಜಾತಿಗಳು ಸೂಕ್ಷ್ಮ ಅತಿಸೂಕ್ಷ್ಮ ಹಾಗೂ ಅಲೆಮಾರಿ ಸಮುದಾಯಗಳನ್ನು ಸೇರಿಸಿ ಸೂಕ್ಷ್ಮ ಅತಿಸೂಕ್ಷ್ಮ ಸಮುದಾಯಗಳನ್ನು ಹಿಂದುಳಿದಿರುವಿಕೆ ಆಧಾರದಲ್ಲಿ ಬೇರೆ ಬೇರೆ ಗುಂಪುಗಳಲ್ಲಿ ಇಟ್ಟು ಶಿಫಾರಸ್ಸು ಮಾಡಲಾಗಿತ್ತು. ಎಚ್.ಎನ್. ನಾಗಮೋಹನದಾಸ್ ಆಯೋಗದ ಶಿಫಾರಸ್ಸುಗಳನ್ನು ಮಾಡುವಾಗ ಐದು ಗುಂಪುಗಳ ಬದಲಾಗಿ ಮೂರು ಗುಂಪುಗಳನ್ನಾಗಿ ಮಾಡಿ ಸೂಕ್ಷ್ಮ, ಅತಿಸೂಕ್ಷ್ಮ ಮತ್ತು ಅಲೆಮಾರಿ
ಸಮುದಾಯಗಳನ್ನು ಪ್ರವರ್ಗ-ಸಿ ನಲ್ಲಿ ಸೇರಿಸಲಾಗಿದೆ ಎಂದಿದ್ದಾರೆ. ಆ ಗುಂಪಿನಲ್ಲಿ ಕಡಿಮೆ ಹಿಂದುಳಿದ ಸಮುದಾಯಗಳು (ಅಂದರೆ ಪರಿಶಿಷ್ಟ ಜಾತಿಗಳಲ್ಲಿಯೇ ಮುಂದುವರೆದ ಸಮುದಾಯಗಳು) ಎಂದು ಆಯೋಗ ಗುರುತಿಸಿದ ಭೋವಿ, ಲಂಬಾಣಿ, ಕೊರಚ ಮತ್ತು ಕೊರಮ ಸಮುದಾಯಗಳನ್ನು ಸೇರಿಸಿದ್ದು, ಈ ಸಮುದಾಯಗಳು ಶೈಕ್ಷಣಿಕ, ಸರ್ಕಾರಿ ಉದ್ಯೋಗ ಮತ್ತು ರಾಜಕೀಯ ಪ್ರಾತಿನಿಧ್ಯ ಹೊಂದಿರುತ್ತವೆ. ಈ ಎಲ್ಲ ಕಾರಣಗಳಿಂದ ಪ್ರವರ್ಗ-ಸಿ ಗುಂಪಿಗೆ ನೀಡಿದ ಶೇ 5% ರಷ್ಟು ಮೀಸಲಾತಿ ಪ್ರವರ್ಗ-ಸಿ ಗುಂಪಿನ ಸೂಕ್ಷ್ಮ, ಅತಿಸೂಕ್ಷ್ಮ ಮತ್ತು ಅಲೆಮಾರಿ ಸಮುದಾಯಗಳಿಗೆ
ಶಾಶ್ವತವಾಗಿ ಅನ್ಯಾಯವಾಗುತ್ತದೆ. ಹಾಗಾಗಿ ಸೂಕ್ಷ್ಮ ಅತಿಸೂಕ್ಷ್ಮ ಮತ್ತು ಅಲೆಮಾರಿ ಸಮುದಾಯಗಳು ಶಿಕ್ಷಣ ದಿಂದ ವಂಚಿತರಾಗುತ್ತಾರೆ ಎಂದು ಆತಂಕ ವ್ಯಕ್ತಪಡಿಸಿದ್ದಾರೆ. ಈ ಸಂದರ್ಭದಲ್ಲಿ ಸಾಮಾಜಿಕ ನ್ಯಾಯ ಪ್ರತಿಪಾದಕರಾದ ಸಂಘಟನೆಗಳು ಆಗ್ರಹಿಸಿದ್ದು, ನ್ಯಾಯಮೂರ್ತಿ ಎಚ್.ಎನ್. ನಾಗಮೋಹನದಾಸ್ ಆಯೋಗದ ಶಿಫಾರಸ್ಸನ್ನು ಸರ್ಕಾರ ಜಾರಿಗೊಳಿಸಬೇಕೆಂದು ಕೋರಿದ್ದಾರೆ. ಈ ಸಂದರ್ಭದಲ್ಲಿ ನರಸಿಂಹಯ್ಯ, ಹೆಬ್ಬಾಕ ಮಲ್ಲಿಕಾರ್ಜುನ್, ವೆಂಕಟಾಚಲ.ಹೆಚ್.ವಿ., ಕೊಡಿಯಾಲ ಮಹದೇವ, ರಂಗನಾಥಸ್ವಾಮಿ ಸೇರಿದಂತೆ ರಂಗಧಾಮಯ್ಯ, ಲಕ್ಷ್ಮೀರಂಗಯ್ಯ ಮುಂತಾದವರಿದ್ದರು.
